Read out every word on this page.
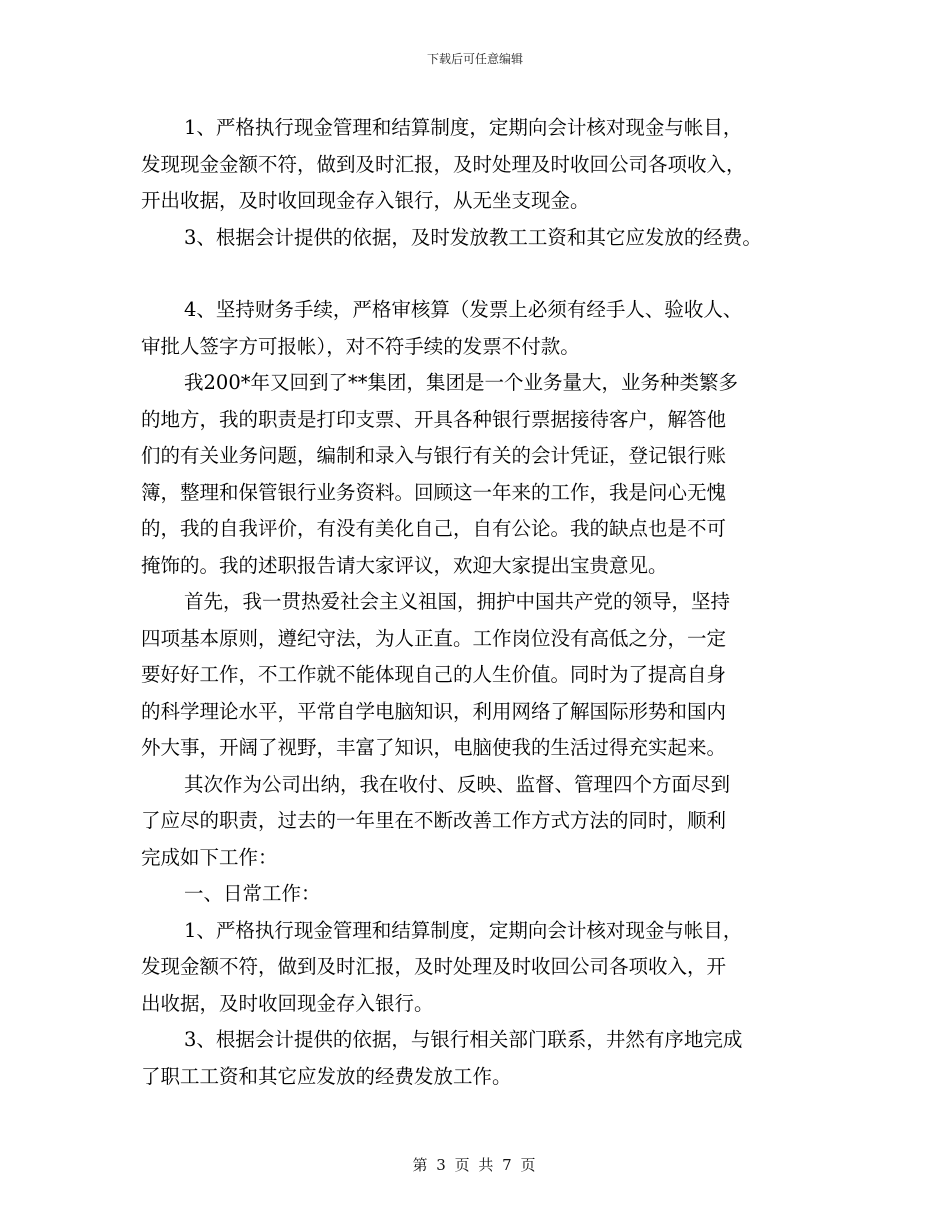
下载后可任意编辑

1、严格执行现金管理和结算制度，定期向会计核对现金与帐目，

发现现金金额不符，做到及时汇报，及时处理及时收回公司各项收入，

开出收据，及时收回现金存入银行，从无坐支现金。

3、根据会计提供的依据，及时发放教工工资和其它应发放的经费。

4、坚持财务手续，严格审核算（发票上必须有经手人、验收人、

审批人签字方可报帐），对不符手续的发票不付款。

我200*年又回到了**集团，集团是一个业务量大，业务种类繁多

的地方，我的职责是打印支票、开具各种银行票据接待客户，解答他

们的有关业务问题，编制和录入与银行有关的会计凭证，登记银行账

簿，整理和保管银行业务资料。回顾这一年来的工作，我是问心无愧

的，我的自我评价，有没有美化自己，自有公论。我的缺点也是不可

掩饰的。我的述职报告请大家评议，欢迎大家提出宝贵意见。

首先，我一贯热爱社会主义祖国，拥护中国共产党的领导，坚持

四项基本原则，遵纪守法，为人正直。工作岗位没有高低之分，一定

要好好工作，不工作就不能体现自己的人生价值。同时为了提高自身

的科学理论水平，平常自学电脑知识，利用网络了解国际形势和国内

外大事，开阔了视野，丰富了知识，电脑使我的生活过得充实起来。

其次作为公司出纳，我在收付、反映、监督、管理四个方面尽到

了应尽的职责，过去的一年里在不断改善工作方式方法的同时，顺利

完成如下工作：

一、日常工作：

1、严格执行现金管理和结算制度，定期向会计核对现金与帐目，

发现金额不符，做到及时汇报，及时处理及时收回公司各项收入，开

出收据，及时收回现金存入银行。

3、根据会计提供的依据，与银行相关部门联系，井然有序地完成

了职工工资和其它应发放的经费发放工作。

第 3 页 共 7 页
